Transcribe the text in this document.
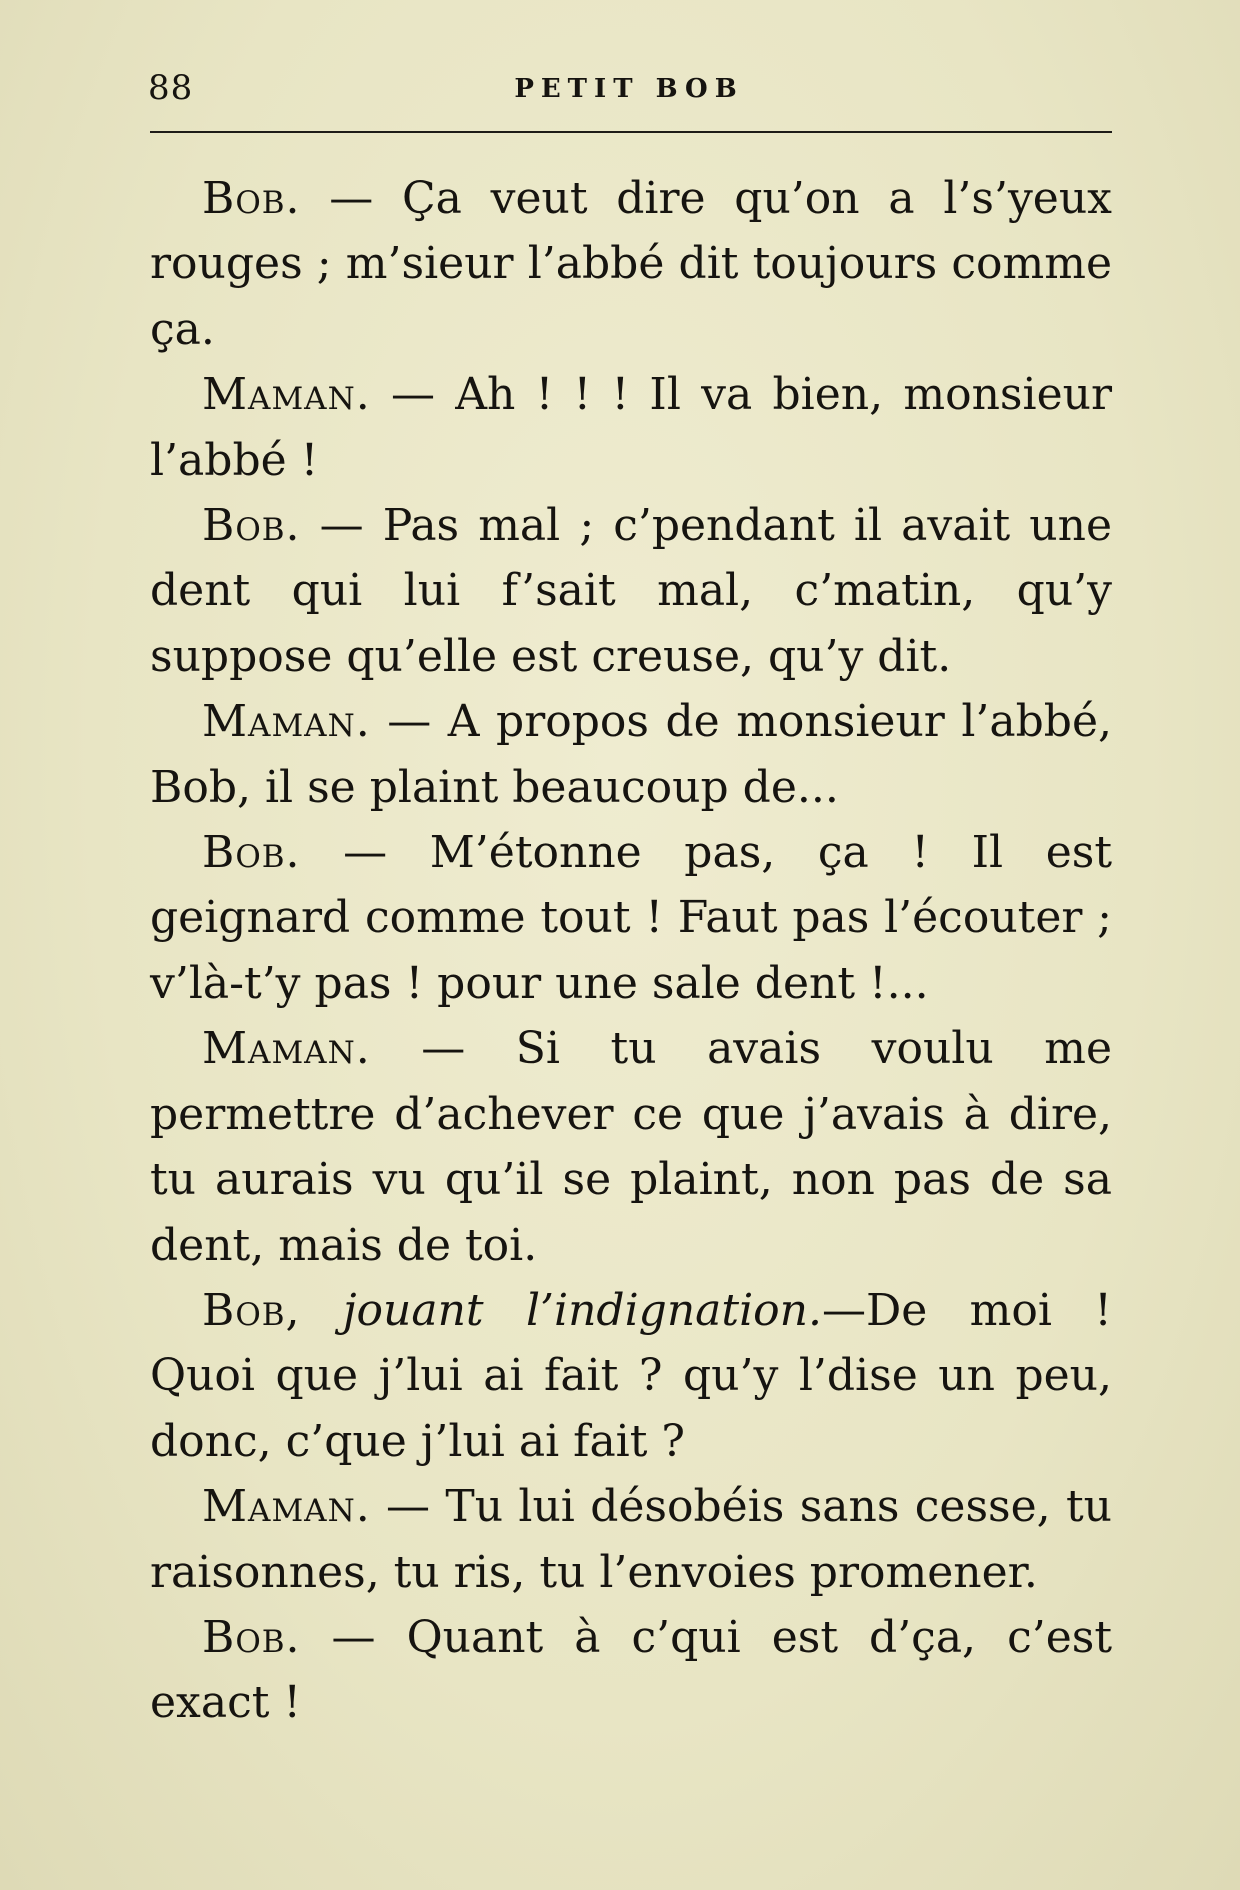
88	PETIT BOB

Bob. — Ça veut dire qu’on a l’s’yeux rouges ; m’sieur l’abbé dit toujours comme ça.

Maman. — Ah ! ! ! Il va bien, monsieur l’abbé !

Bob. — Pas mal ; c’pendant il avait une dent qui lui f’sait mal, c’matin, qu’y suppose qu’elle est creuse, qu’y dit.

Maman. — A propos de monsieur l’abbé, Bob, il se plaint beaucoup de...

Bob. — M’étonne pas, ça ! Il est geignard comme tout ! Faut pas l’écouter ; v’là-t’y pas ! pour une sale dent !...

Maman. — Si tu avais voulu me permettre d’achever ce que j’avais à dire, tu aurais vu qu’il se plaint, non pas de sa dent, mais de toi.

Bob, jouant l’indignation.—De moi ! Quoi que j’lui ai fait ? qu’y l’dise un peu, donc, c’que j’lui ai fait ?

Maman. — Tu lui désobéis sans cesse, tu raisonnes, tu ris, tu l’envoies promener.

Bob. — Quant à c’qui est d’ça, c’est exact !
